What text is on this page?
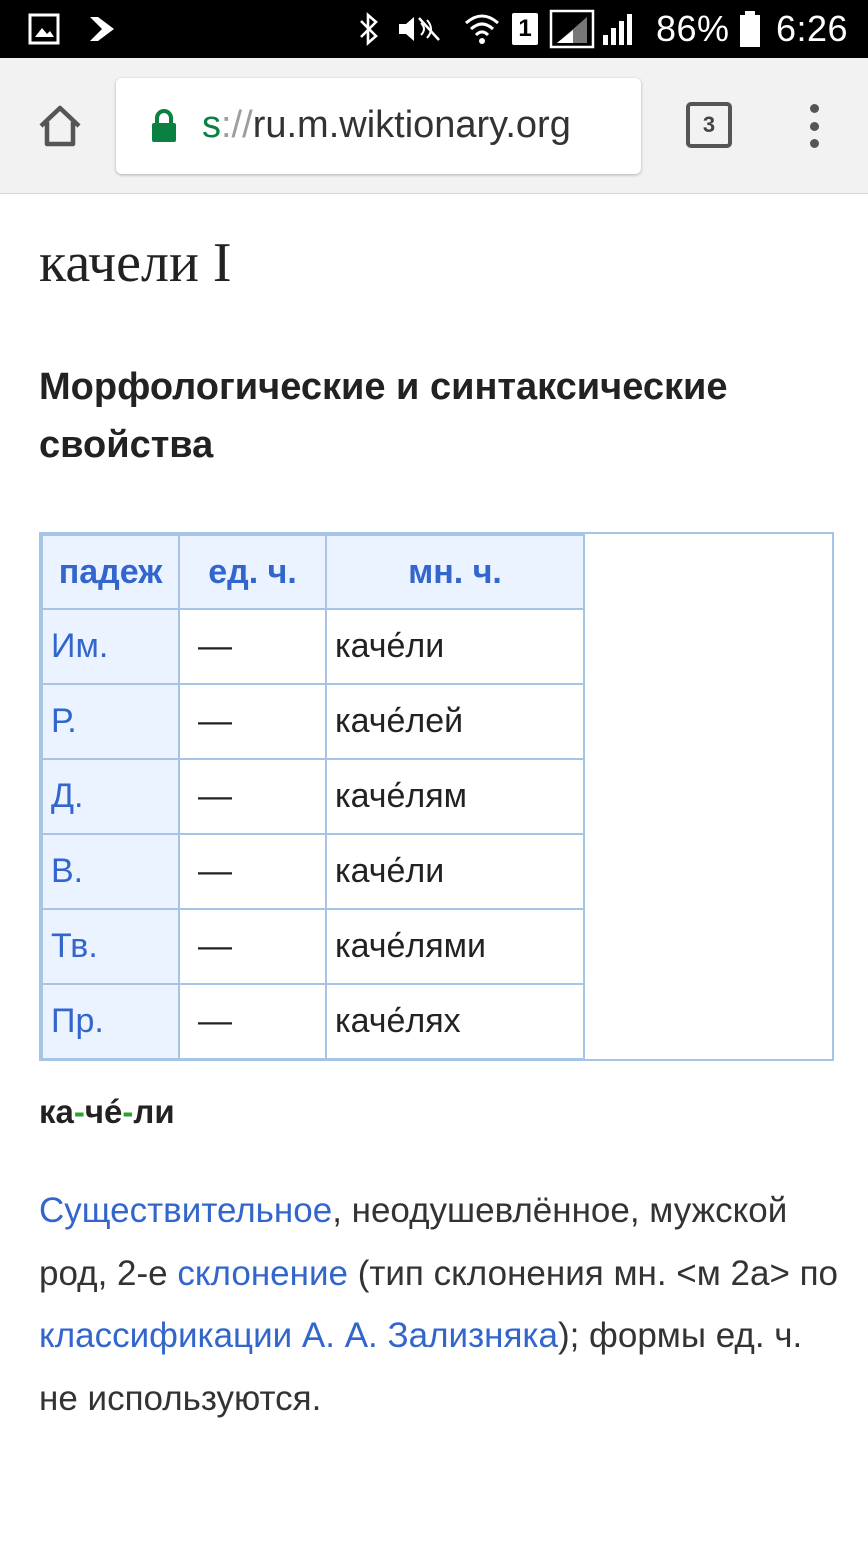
1	86% 6:26
s://ru.m.wiktionary.org	3
качели I
Морфологические и синтаксические свойства
падеж	ед. ч.	мн. ч.
Им.	—	каче́ли
Р.	—	каче́лей
Д.	—	каче́лям
В.	—	каче́ли
Тв.	—	каче́лями
Пр.	—	каче́лях
ка-чé-ли

Существительное, неодушевлённое, мужской род, 2-е склонение (тип склонения мн. <м 2a> по классификации А. А. Зализняка); формы ед. ч. не используются.
